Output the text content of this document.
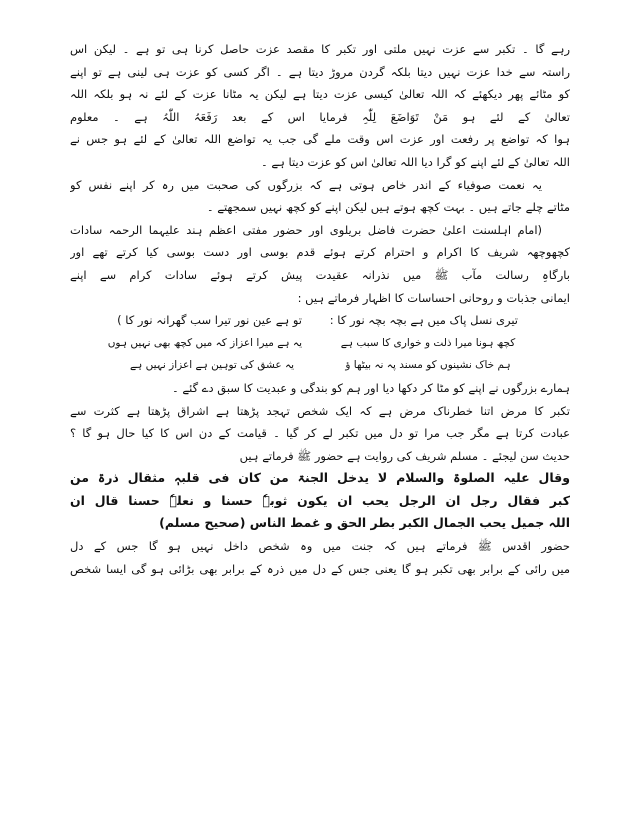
رہے گا ۔ تکبر سے عزت نہیں ملتی اور تکبر کا مقصد عزت حاصل کرنا ہی تو ہے ۔ لیکن اس
راستہ سے خدا عزت نہیں دیتا بلکہ گردن مروڑ دیتا ہے ۔ اگر کسی کو عزت ہی لینی ہے تو اپنے
کو مٹائے پھر دیکھئے کہ اللہ تعالیٰ کیسی عزت دیتا ہے لیکن یہ مٹانا عزت کے لئے نہ ہو بلکہ اللہ
تعالیٰ کے لئے ہو مَنْ تَوَاضَعَ لِلّٰہِ فرمایا اس کے بعد رَفَعَہُ اللّٰہُ ہے ۔ معلوم
ہوا کہ تواضع پر رفعت اور عزت اس وقت ملے گی جب یہ تواضع اللہ تعالیٰ کے لئے ہو جس نے
اللہ تعالیٰ کے لئے اپنے کو گرا دیا اللہ تعالیٰ اس کو عزت دیتا ہے ۔
یہ نعمت صوفیاء کے اندر خاص ہوتی ہے کہ بزرگوں کی صحبت میں رہ کر اپنے نفس کو
مٹاتے چلے جاتے ہیں ۔ بہت کچھ ہوتے ہیں لیکن اپنے کو کچھ نہیں سمجھتے ۔
(امام اہلسنت اعلیٰ حضرت فاضل بریلوی اور حضور مفتی اعظم ہند علیہما الرحمہ سادات
کچھوچھہ شریف کا اکرام و احترام کرتے ہوئے قدم بوسی اور دست بوسی کیا کرتے تھے اور
بارگاہِ رسالت مآب ﷺ میں نذرانہ عقیدت پیش کرتے ہوئے سادات کرام سے اپنے
ایمانی جذبات و روحانی احساسات کا اظہار فرماتے ہیں :
تیری نسل پاک میں ہے بچہ بچہ نور کا :
تو ہے عین نور تیرا سب گھرانہ نور کا )
کچھ ہونا میرا ذلت و خواری کا سبب ہے
یہ ہے میرا اعزاز کہ میں کچھ بھی نہیں ہوں
ہم خاک نشینوں کو مسند پہ نہ بیٹھا ؤ
یہ عشق کی توہین ہے اعزاز نہیں ہے
ہمارے بزرگوں نے اپنے کو مٹا کر دکھا دیا اور ہم کو بندگی و عبدیت کا سبق دے گئے ۔
تکبر کا مرض اتنا خطرناک مرض ہے کہ ایک شخص تہجد پڑھتا ہے اشراق پڑھتا ہے کثرت سے
عبادت کرتا ہے مگر جب مرا تو دل میں تکبر لے کر گیا ۔ قیامت کے دن اس کا کیا حال ہو گا ؟
حدیث سن لیجئے ۔ مسلم شریف کی روایت ہے حضور ﷺ فرماتے ہیں
وقال علیہ الصلوۃ والسلام لا یدخل الجنۃ من کان فی قلبہٖ مثقال ذرۃ من
کبر فقال رجل ان الرجل یحب ان یکون ثوبہٗ حسنا و نعلہٗ حسنا قال ان
اللہ جمیل یحب الجمال الکبر بطر الحق و غمط الناس (صحیح مسلم)
حضور اقدس ﷺ فرماتے ہیں کہ جنت میں وہ شخص داخل نہیں ہو گا جس کے دل
میں رائی کے برابر بھی تکبر ہو گا یعنی جس کے دل میں ذرہ کے برابر بھی بڑائی ہو گی ایسا شخص
